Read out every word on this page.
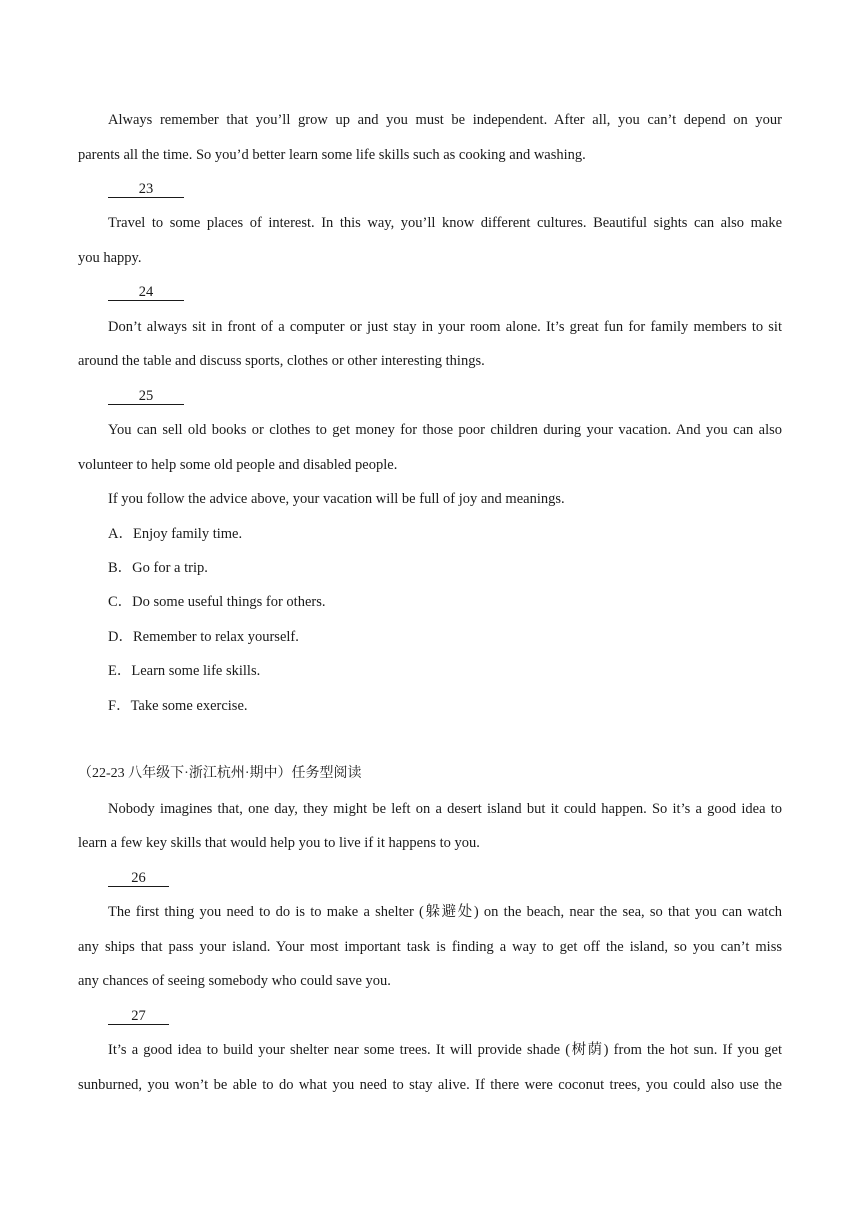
Always remember that you’ll grow up and you must be independent. After all, you can’t depend on your
parents all the time. So you’d better learn some life skills such as cooking and washing.
23
Travel to some places of interest. In this way, you’ll know different cultures. Beautiful sights can also make
you happy.
24
Don’t always sit in front of a computer or just stay in your room alone. It’s great fun for family members to sit
around the table and discuss sports, clothes or other interesting things.
25
You can sell old books or clothes to get money for those poor children during your vacation. And you can also
volunteer to help some old people and disabled people.
If you follow the advice above, your vacation will be full of joy and meanings.
A．Enjoy family time.
B．Go for a trip.
C．Do some useful things for others.
D．Remember to relax yourself.
E．Learn some life skills.
F．Take some exercise.
（22-23 八年级下·浙江杭州·期中）任务型阅读
Nobody imagines that, one day, they might be left on a desert island but it could happen. So it’s a good idea to
learn a few key skills that would help you to live if it happens to you.
26
The first thing you need to do is to make a shelter (躲避处) on the beach, near the sea, so that you can watch
any ships that pass your island. Your most important task is finding a way to get off the island, so you can’t miss
any chances of seeing somebody who could save you.
27
It’s a good idea to build your shelter near some trees. It will provide shade (树荫) from the hot sun. If you get
sunburned, you won’t be able to do what you need to stay alive. If there were coconut trees, you could also use the
